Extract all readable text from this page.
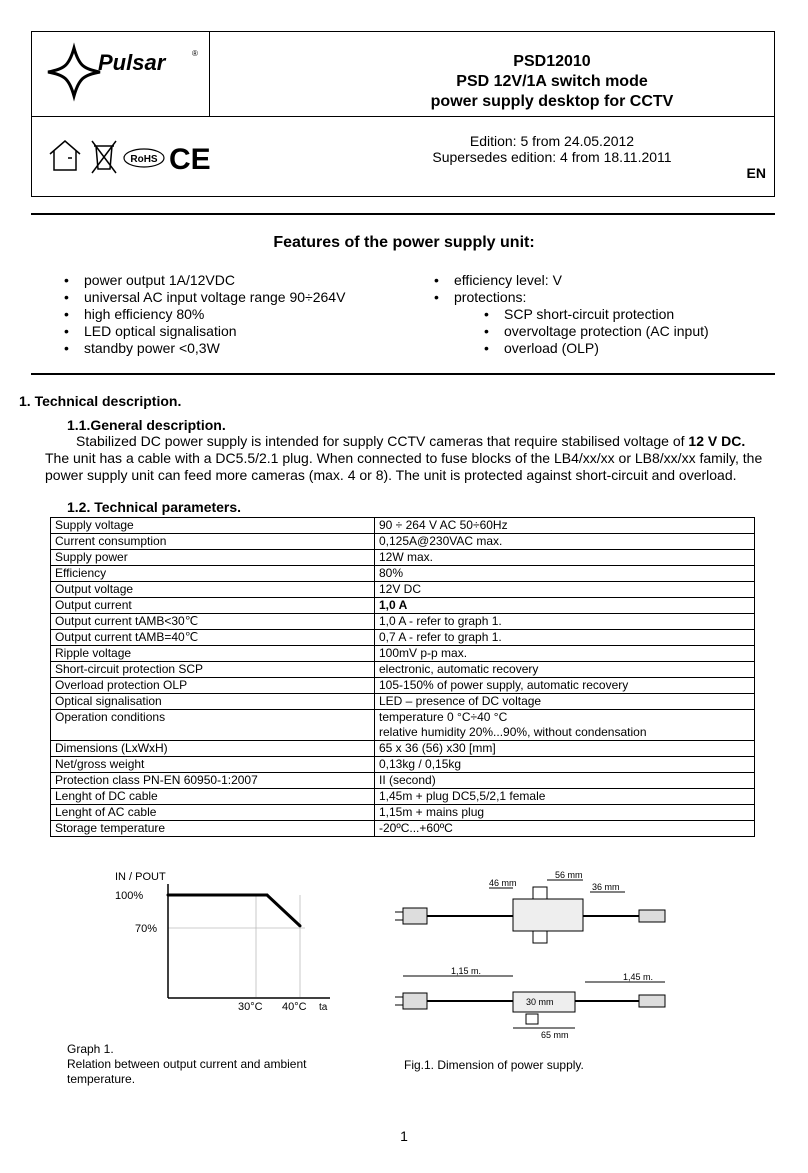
Pulsar	®	PSD12010
PSD 12V/1A switch mode
power supply desktop for CCTV
RoHS CE
Edition: 5 from 24.05.2012
Supersedes edition: 4 from 18.11.2011
EN
Features of the power supply unit:
• power output 1A/12VDC
• universal AC input voltage range 90÷264V
• high efficiency 80%
• LED optical signalisation
• standby power <0,3W
• efficiency level: V
• protections:
• SCP short-circuit protection
• overvoltage protection (AC input)
• overload (OLP)
1. Technical description.
1.1.General description.
Stabilized DC power supply is intended for supply CCTV cameras that require stabilised voltage of 12 V DC.
The unit has a cable with a DC5.5/2.1 plug. When connected to fuse blocks of the LB4/xx/xx or LB8/xx/xx family, the
power supply unit can feed more cameras (max. 4 or 8). The unit is protected against short-circuit and overload.
1.2. Technical parameters.
Supply voltage	90 ÷ 264 V AC 50÷60Hz
Current consumption	0,125A@230VAC max.
Supply power	12W max.
Efficiency	80%
Output voltage	12V DC
Output current	1,0 A
Output current tAMB<30℃	1,0 A - refer to graph 1.
Output current tAMB=40℃	0,7 A - refer to graph 1.
Ripple voltage	100mV p-p max.
Short-circuit protection SCP	electronic, automatic recovery
Overload protection OLP	105-150% of power supply, automatic recovery
Optical signalisation	LED – presence of DC voltage
Operation conditions	temperature 0 °C÷40 °C
relative humidity 20%...90%, without condensation

Dimensions (LxWxH)	65 x 36 (56) x30 [mm]
Net/gross weight	0,13kg / 0,15kg
Protection class PN-EN 60950-1:2007	II (second)
Lenght of DC cable	1,45m + plug DC5,5/2,1 female
Lenght of AC cable	1,15m + mains plug
Storage temperature	-20ºC...+60ºC
IN / POUT
100%
70%
30°C 40°C ta
Graph 1.
Relation between output current and ambient
temperature.
46 mm
56 mm
36 mm
1,15 m.
1,45 m.
30 mm
65 mm
Fig.1. Dimension of power supply.
1
